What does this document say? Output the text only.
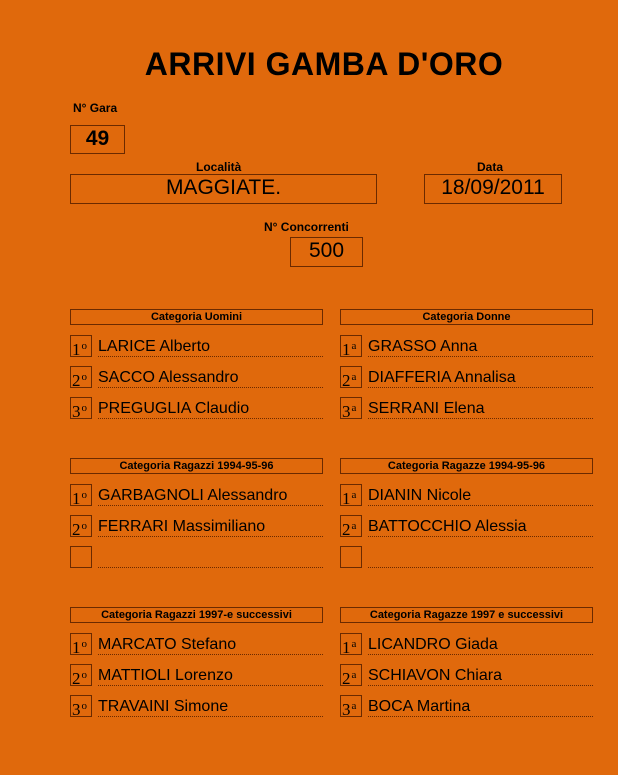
ARRIVI GAMBA D'ORO
N° Gara
49
Località
MAGGIATE.
Data
18/09/2011
N° Concorrenti
500
Categoria Uomini
1$^o$ LARICE Alberto
2$^o$ SACCO Alessandro
3$^o$ PREGUGLIA Claudio
Categoria Donne
1$^a$ GRASSO Anna
2$^a$ DIAFFERIA Annalisa
3$^a$ SERRANI Elena
Categoria Ragazzi 1994-95-96
1$^o$ GARBAGNOLI Alessandro
2$^o$ FERRARI Massimiliano
Categoria Ragazze 1994-95-96
1$^a$ DIANIN Nicole
2$^a$ BATTOCCHIO Alessia
Categoria Ragazzi 1997-e successivi
1$^o$ MARCATO Stefano
2$^o$ MATTIOLI Lorenzo
3$^o$ TRAVAINI Simone
Categoria Ragazze 1997 e successivi
1$^a$ LICANDRO Giada
2$^a$ SCHIAVON Chiara
3$^a$ BOCA Martina
